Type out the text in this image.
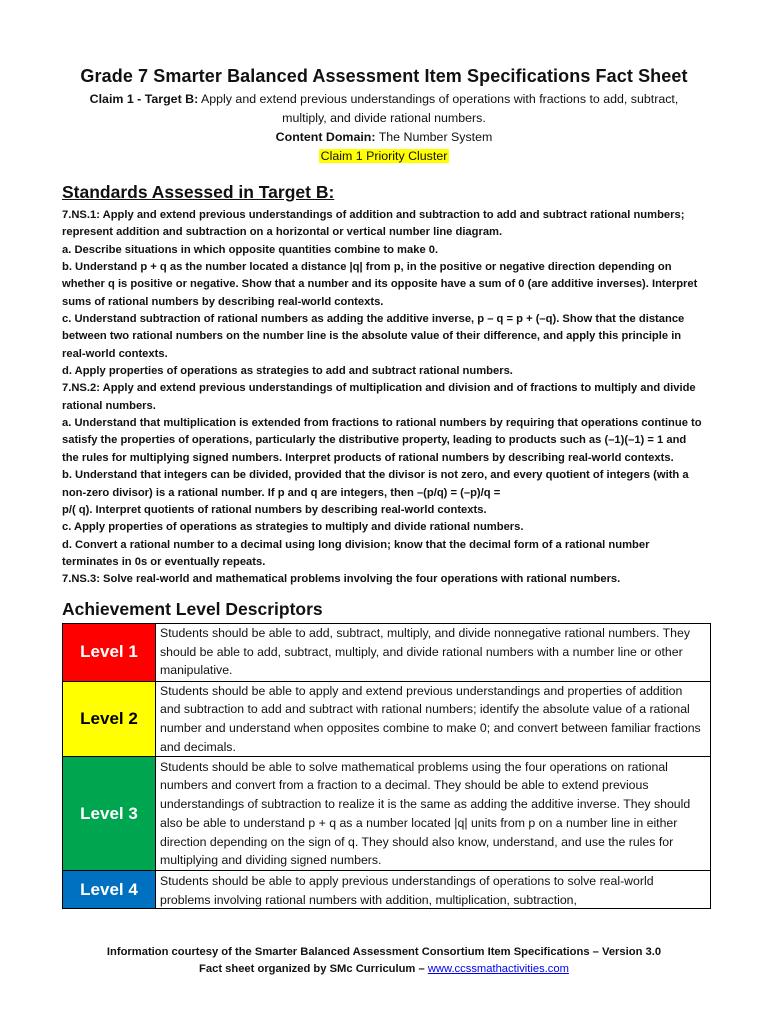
Grade 7 Smarter Balanced Assessment Item Specifications Fact Sheet
Claim 1 - Target B: Apply and extend previous understandings of operations with fractions to add, subtract, multiply, and divide rational numbers.
Content Domain: The Number System
Claim 1 Priority Cluster
Standards Assessed in Target B:

7.NS.1: Apply and extend previous understandings of addition and subtraction to add and subtract rational numbers; represent addition and subtraction on a horizontal or vertical number line diagram.

a. Describe situations in which opposite quantities combine to make 0.

b. Understand p + q as the number located a distance |q| from p, in the positive or negative direction depending on whether q is positive or negative. Show that a number and its opposite have a sum of 0 (are additive inverses). Interpret sums of rational numbers by describing real-world contexts.

c. Understand subtraction of rational numbers as adding the additive inverse, p – q = p + (–q). Show that the distance between two rational numbers on the number line is the absolute value of their difference, and apply this principle in real-world contexts.

d. Apply properties of operations as strategies to add and subtract rational numbers.

7.NS.2: Apply and extend previous understandings of multiplication and division and of fractions to multiply and divide rational numbers.

a. Understand that multiplication is extended from fractions to rational numbers by requiring that operations continue to satisfy the properties of operations, particularly the distributive property, leading to products such as (–1)(–1) = 1 and the rules for multiplying signed numbers. Interpret products of rational numbers by describing real-world contexts.

b. Understand that integers can be divided, provided that the divisor is not zero, and every quotient of integers (with a non-zero divisor) is a rational number. If p and q are integers, then –(p/q) = (–p)/q =

p/( q). Interpret quotients of rational numbers by describing real-world contexts.

c. Apply properties of operations as strategies to multiply and divide rational numbers.

d. Convert a rational number to a decimal using long division; know that the decimal form of a rational number terminates in 0s or eventually repeats.

7.NS.3: Solve real-world and mathematical problems involving the four operations with rational numbers.

Achievement Level Descriptors
Level 1	Students should be able to add, subtract, multiply, and divide nonnegative rational numbers. They should be able to add, subtract, multiply, and divide rational numbers with a number line or other manipulative.
Level 2	Students should be able to apply and extend previous understandings and properties of addition and subtraction to add and subtract with rational numbers; identify the absolute value of a rational number and understand when opposites combine to make 0; and convert between familiar fractions and decimals.
Level 3	Students should be able to solve mathematical problems using the four operations on rational numbers and convert from a fraction to a decimal. They should be able to extend previous understandings of subtraction to realize it is the same as adding the additive inverse. They should also be able to understand p + q as a number located |q| units from p on a number line in either direction depending on the sign of q. They should also know, understand, and use the rules for multiplying and dividing signed numbers.
Level 4	Students should be able to apply previous understandings of operations to solve real-world problems involving rational numbers with addition, multiplication, subtraction,
Information courtesy of the Smarter Balanced Assessment Consortium Item Specifications – Version 3.0
Fact sheet organized by SMc Curriculum – www.ccssmathactivities.com
